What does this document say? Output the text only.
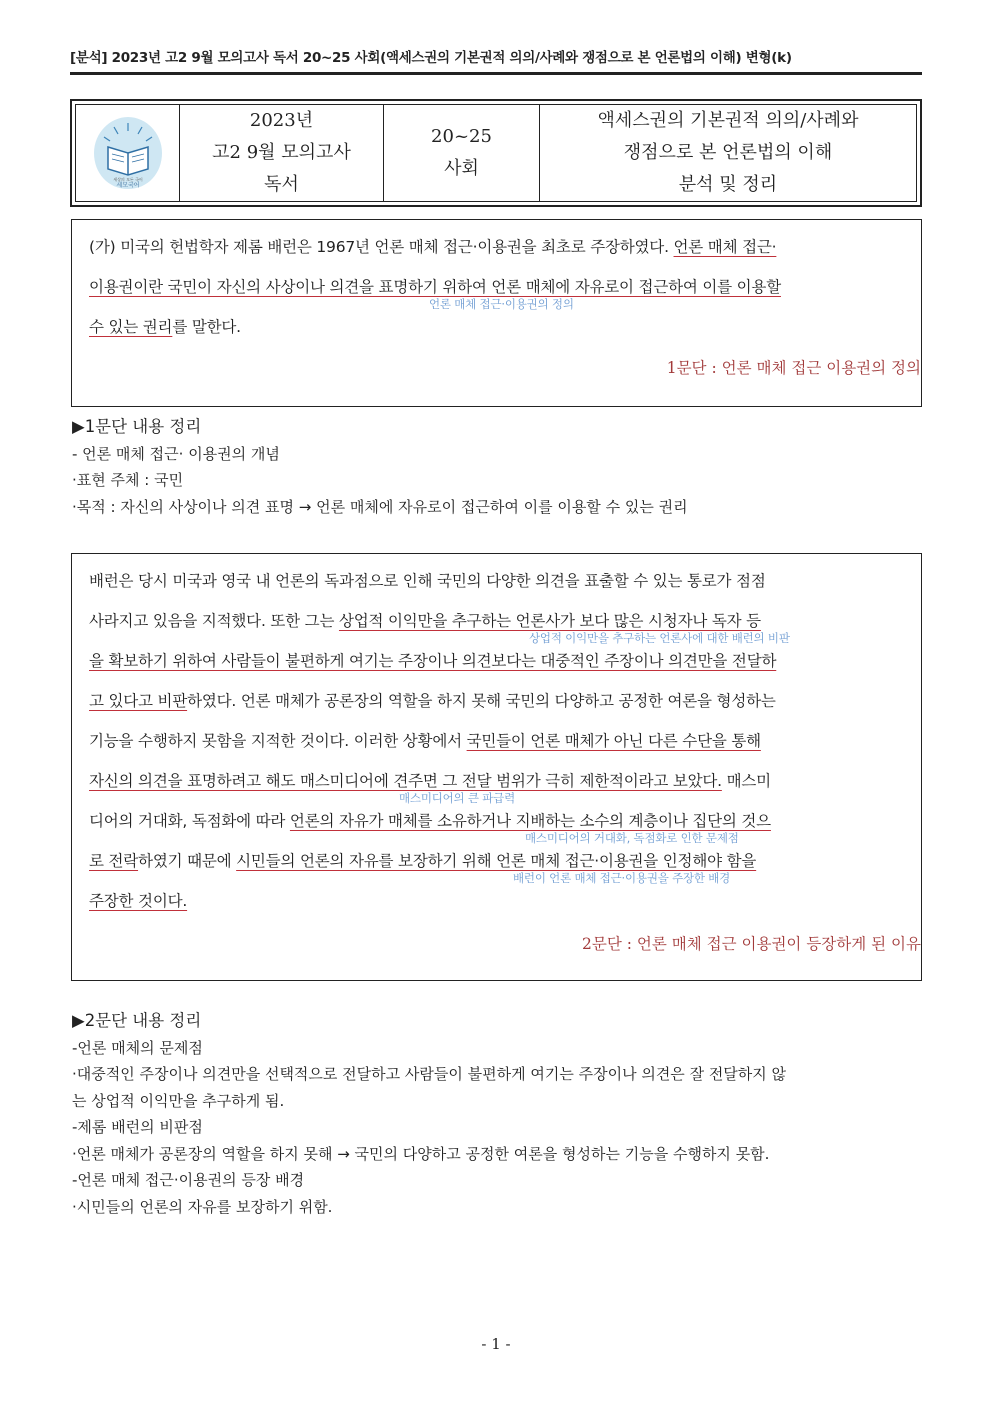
[분석] 2023년 고2 9월 모의고사 독서 20~25 사회(액세스권의 기본권적 의의/사례와 쟁점으로 본 언론법의 이해) 변형(k)
세상의 모든 국어
세모국어
2023년
고2 9월 모의고사
독서
20~25
사회
액세스권의 기본권적 의의/사례와
쟁점으로 본 언론법의 이해
분석 및 정리
(가) 미국의 헌법학자 제롬 배런은 1967년 언론 매체 접근·이용권을 최초로 주장하였다. 언론 매체 접근·
이용권이란 국민이 자신의 사상이나 의견을 표명하기 위하여 언론 매체에 자유로이 접근하여 이를 이용할
언론 매체 접근·이용권의 정의
수 있는 권리를 말한다.
1문단 : 언론 매체 접근 이용권의 정의
▶1문단 내용 정리
- 언론 매체 접근· 이용권의 개념
·표현 주체 : 국민
·목적 : 자신의 사상이나 의견 표명 → 언론 매체에 자유로이 접근하여 이를 이용할 수 있는 권리
배런은 당시 미국과 영국 내 언론의 독과점으로 인해 국민의 다양한 의견을 표출할 수 있는 통로가 점점
사라지고 있음을 지적했다. 또한 그는 상업적 이익만을 추구하는 언론사가 보다 많은 시청자나 독자 등
상업적 이익만을 추구하는 언론사에 대한 배런의 비판
을 확보하기 위하여 사람들이 불편하게 여기는 주장이나 의견보다는 대중적인 주장이나 의견만을 전달하
고 있다고 비판하였다. 언론 매체가 공론장의 역할을 하지 못해 국민의 다양하고 공정한 여론을 형성하는
기능을 수행하지 못함을 지적한 것이다. 이러한 상황에서 국민들이 언론 매체가 아닌 다른 수단을 통해
자신의 의견을 표명하려고 해도 매스미디어에 견주면 그 전달 범위가 극히 제한적이라고 보았다. 매스미
매스미디어의 큰 파급력
디어의 거대화, 독점화에 따라 언론의 자유가 매체를 소유하거나 지배하는 소수의 계층이나 집단의 것으
매스미디어의 거대화, 독점화로 인한 문제점
로 전락하였기 때문에 시민들의 언론의 자유를 보장하기 위해 언론 매체 접근·이용권을 인정해야 함을
배런이 언론 매체 접근·이용권을 주장한 배경
주장한 것이다.
2문단 : 언론 매체 접근 이용권이 등장하게 된 이유
▶2문단 내용 정리
-언론 매체의 문제점
·대중적인 주장이나 의견만을 선택적으로 전달하고 사람들이 불편하게 여기는 주장이나 의견은 잘 전달하지 않
는 상업적 이익만을 추구하게 됨.
-제롬 배런의 비판점
·언론 매체가 공론장의 역할을 하지 못해 → 국민의 다양하고 공정한 여론을 형성하는 기능을 수행하지 못함.
-언론 매체 접근·이용권의 등장 배경
·시민들의 언론의 자유를 보장하기 위함.
- 1 -
